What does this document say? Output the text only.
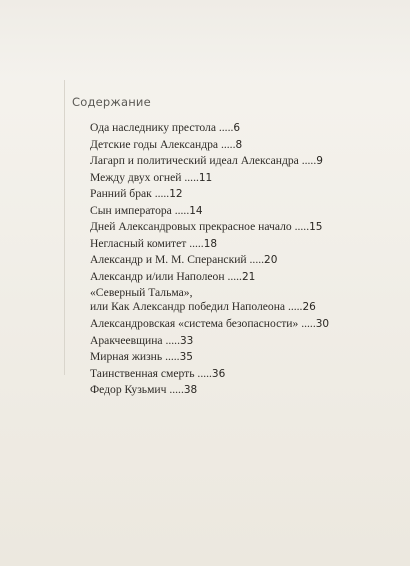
Содержание
Ода наследнику престола .....6
Детские годы Александра .....8
Лагарп и политический идеал Александра .....9
Между двух огней .....11
Ранний брак .....12
Сын императора .....14
Дней Александровых прекрасное начало .....15
Негласный комитет .....18
Александр и М. М. Сперанский .....20
Александр и/или Наполеон .....21
«Северный Тальма»,
или Как Александр победил Наполеона .....26
Александровская «система безопасности» .....30
Аракчеевщина .....33
Мирная жизнь .....35
Таинственная смерть .....36
Федор Кузьмич .....38
